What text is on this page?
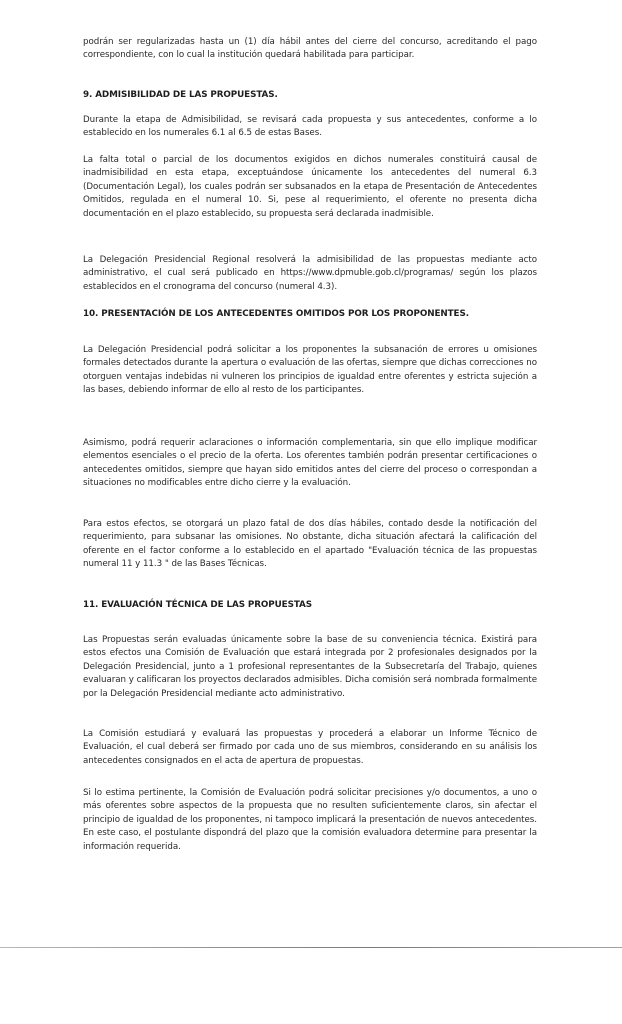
podrán ser regularizadas hasta un (1) día hábil antes del cierre del concurso, acreditando el pago correspondiente, con lo cual la institución quedará habilitada para participar.

9. ADMISIBILIDAD DE LAS PROPUESTAS.

Durante la etapa de Admisibilidad, se revisará cada propuesta y sus antecedentes, conforme a lo establecido en los numerales 6.1 al 6.5 de estas Bases.

La falta total o parcial de los documentos exigidos en dichos numerales constituirá causal de inadmisibilidad en esta etapa, exceptuándose únicamente los antecedentes del numeral 6.3 (Documentación Legal), los cuales podrán ser subsanados en la etapa de Presentación de Antecedentes Omitidos, regulada en el numeral 10. Si, pese al requerimiento, el oferente no presenta dicha documentación en el plazo establecido, su propuesta será declarada inadmisible.

La Delegación Presidencial Regional resolverá la admisibilidad de las propuestas mediante acto administrativo, el cual será publicado en https://www.dpmuble.gob.cl/programas/ según los plazos establecidos en el cronograma del concurso (numeral 4.3).

10. PRESENTACIÓN DE LOS ANTECEDENTES OMITIDOS POR LOS PROPONENTES.

La Delegación Presidencial podrá solicitar a los proponentes la subsanación de errores u omisiones formales detectados durante la apertura o evaluación de las ofertas, siempre que dichas correcciones no otorguen ventajas indebidas ni vulneren los principios de igualdad entre oferentes y estricta sujeción a las bases, debiendo informar de ello al resto de los participantes.

Asimismo, podrá requerir aclaraciones o información complementaria, sin que ello implique modificar elementos esenciales o el precio de la oferta. Los oferentes también podrán presentar certificaciones o antecedentes omitidos, siempre que hayan sido emitidos antes del cierre del proceso o correspondan a situaciones no modificables entre dicho cierre y la evaluación.

Para estos efectos, se otorgará un plazo fatal de dos días hábiles, contado desde la notificación del requerimiento, para subsanar las omisiones. No obstante, dicha situación afectará la calificación del oferente en el factor conforme a lo establecido en el apartado "Evaluación técnica de las propuestas numeral 11 y 11.3 " de las Bases Técnicas.

11. EVALUACIÓN TÉCNICA DE LAS PROPUESTAS

Las Propuestas serán evaluadas únicamente sobre la base de su conveniencia técnica. Existirá para estos efectos una Comisión de Evaluación que estará integrada por 2 profesionales designados por la Delegación Presidencial, junto a 1 profesional representantes de la Subsecretaría del Trabajo, quienes evaluaran y calificaran los proyectos declarados admisibles. Dicha comisión será nombrada formalmente por la Delegación Presidencial mediante acto administrativo.

La Comisión estudiará y evaluará las propuestas y procederá a elaborar un Informe Técnico de Evaluación, el cual deberá ser firmado por cada uno de sus miembros, considerando en su análisis los antecedentes consignados en el acta de apertura de propuestas.

Si lo estima pertinente, la Comisión de Evaluación podrá solicitar precisiones y/o documentos, a uno o más oferentes sobre aspectos de la propuesta que no resulten suficientemente claros, sin afectar el principio de igualdad de los proponentes, ni tampoco implicará la presentación de nuevos antecedentes. En este caso, el postulante dispondrá del plazo que la comisión evaluadora determine para presentar la información requerida.
